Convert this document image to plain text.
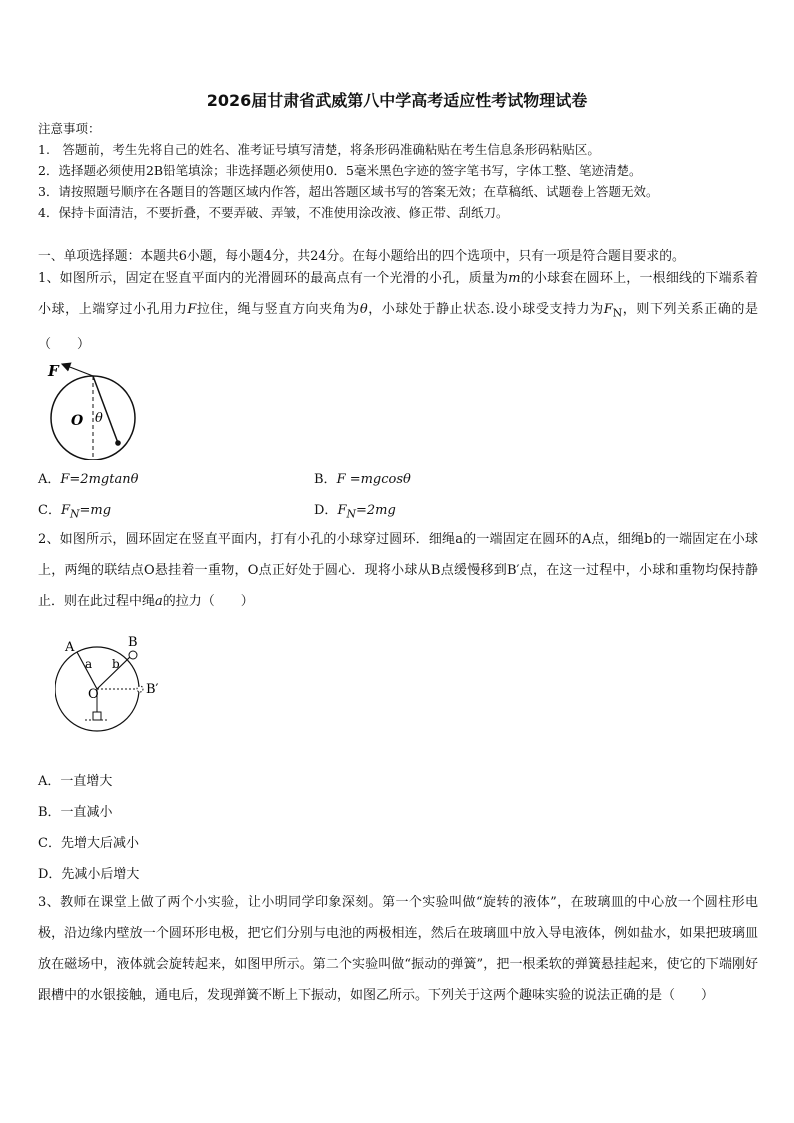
2026届甘肃省武威第八中学高考适应性考试物理试卷
注意事项：
1.　答题前，考生先将自己的姓名、准考证号填写清楚，将条形码准确粘贴在考生信息条形码粘贴区。
2．选择题必须使用2B铅笔填涂；非选择题必须使用0．5毫米黑色字迹的签字笔书写，字体工整、笔迹清楚。
3．请按照题号顺序在各题目的答题区域内作答，超出答题区域书写的答案无效；在草稿纸、试题卷上答题无效。
4．保持卡面清洁，不要折叠，不要弄破、弄皱，不准使用涂改液、修正带、刮纸刀。
一、单项选择题：本题共6小题，每小题4分，共24分。在每小题给出的四个选项中，只有一项是符合题目要求的。
1、如图所示，固定在竖直平面内的光滑圆环的最高点有一个光滑的小孔，质量为m的小球套在圆环上，一根细线的下端系着小球，上端穿过小孔用力F拉住，绳与竖直方向夹角为θ，小球处于静止状态.设小球受支持力为$F_N$，则下列关系正确的是（　　）
F
O θ
A．F=2mgtanθ	B．F =mgcosθ
C．$F_N=mg$	D．$F_N=2mg$
2、如图所示，圆环固定在竖直平面内，打有小孔的小球穿过圆环．细绳a的一端固定在圆环的A点，细绳b的一端固定在小球上，两绳的联结点O悬挂着一重物，O点正好处于圆心．现将小球从B点缓慢移到B′点，在这一过程中，小球和重物均保持静止．则在此过程中绳a的拉力（　　）
A	B
a b
O	B′
A．一直增大
B．一直减小
C．先增大后减小
D．先减小后增大
3、教师在课堂上做了两个小实验，让小明同学印象深刻。第一个实验叫做“旋转的液体”，在玻璃皿的中心放一个圆柱形电极，沿边缘内壁放一个圆环形电极，把它们分别与电池的两极相连，然后在玻璃皿中放入导电液体，例如盐水，如果把玻璃皿放在磁场中，液体就会旋转起来，如图甲所示。第二个实验叫做“振动的弹簧”，把一根柔软的弹簧悬挂起来，使它的下端刚好跟槽中的水银接触，通电后，发现弹簧不断上下振动，如图乙所示。下列关于这两个趣味实验的说法正确的是（　　）
